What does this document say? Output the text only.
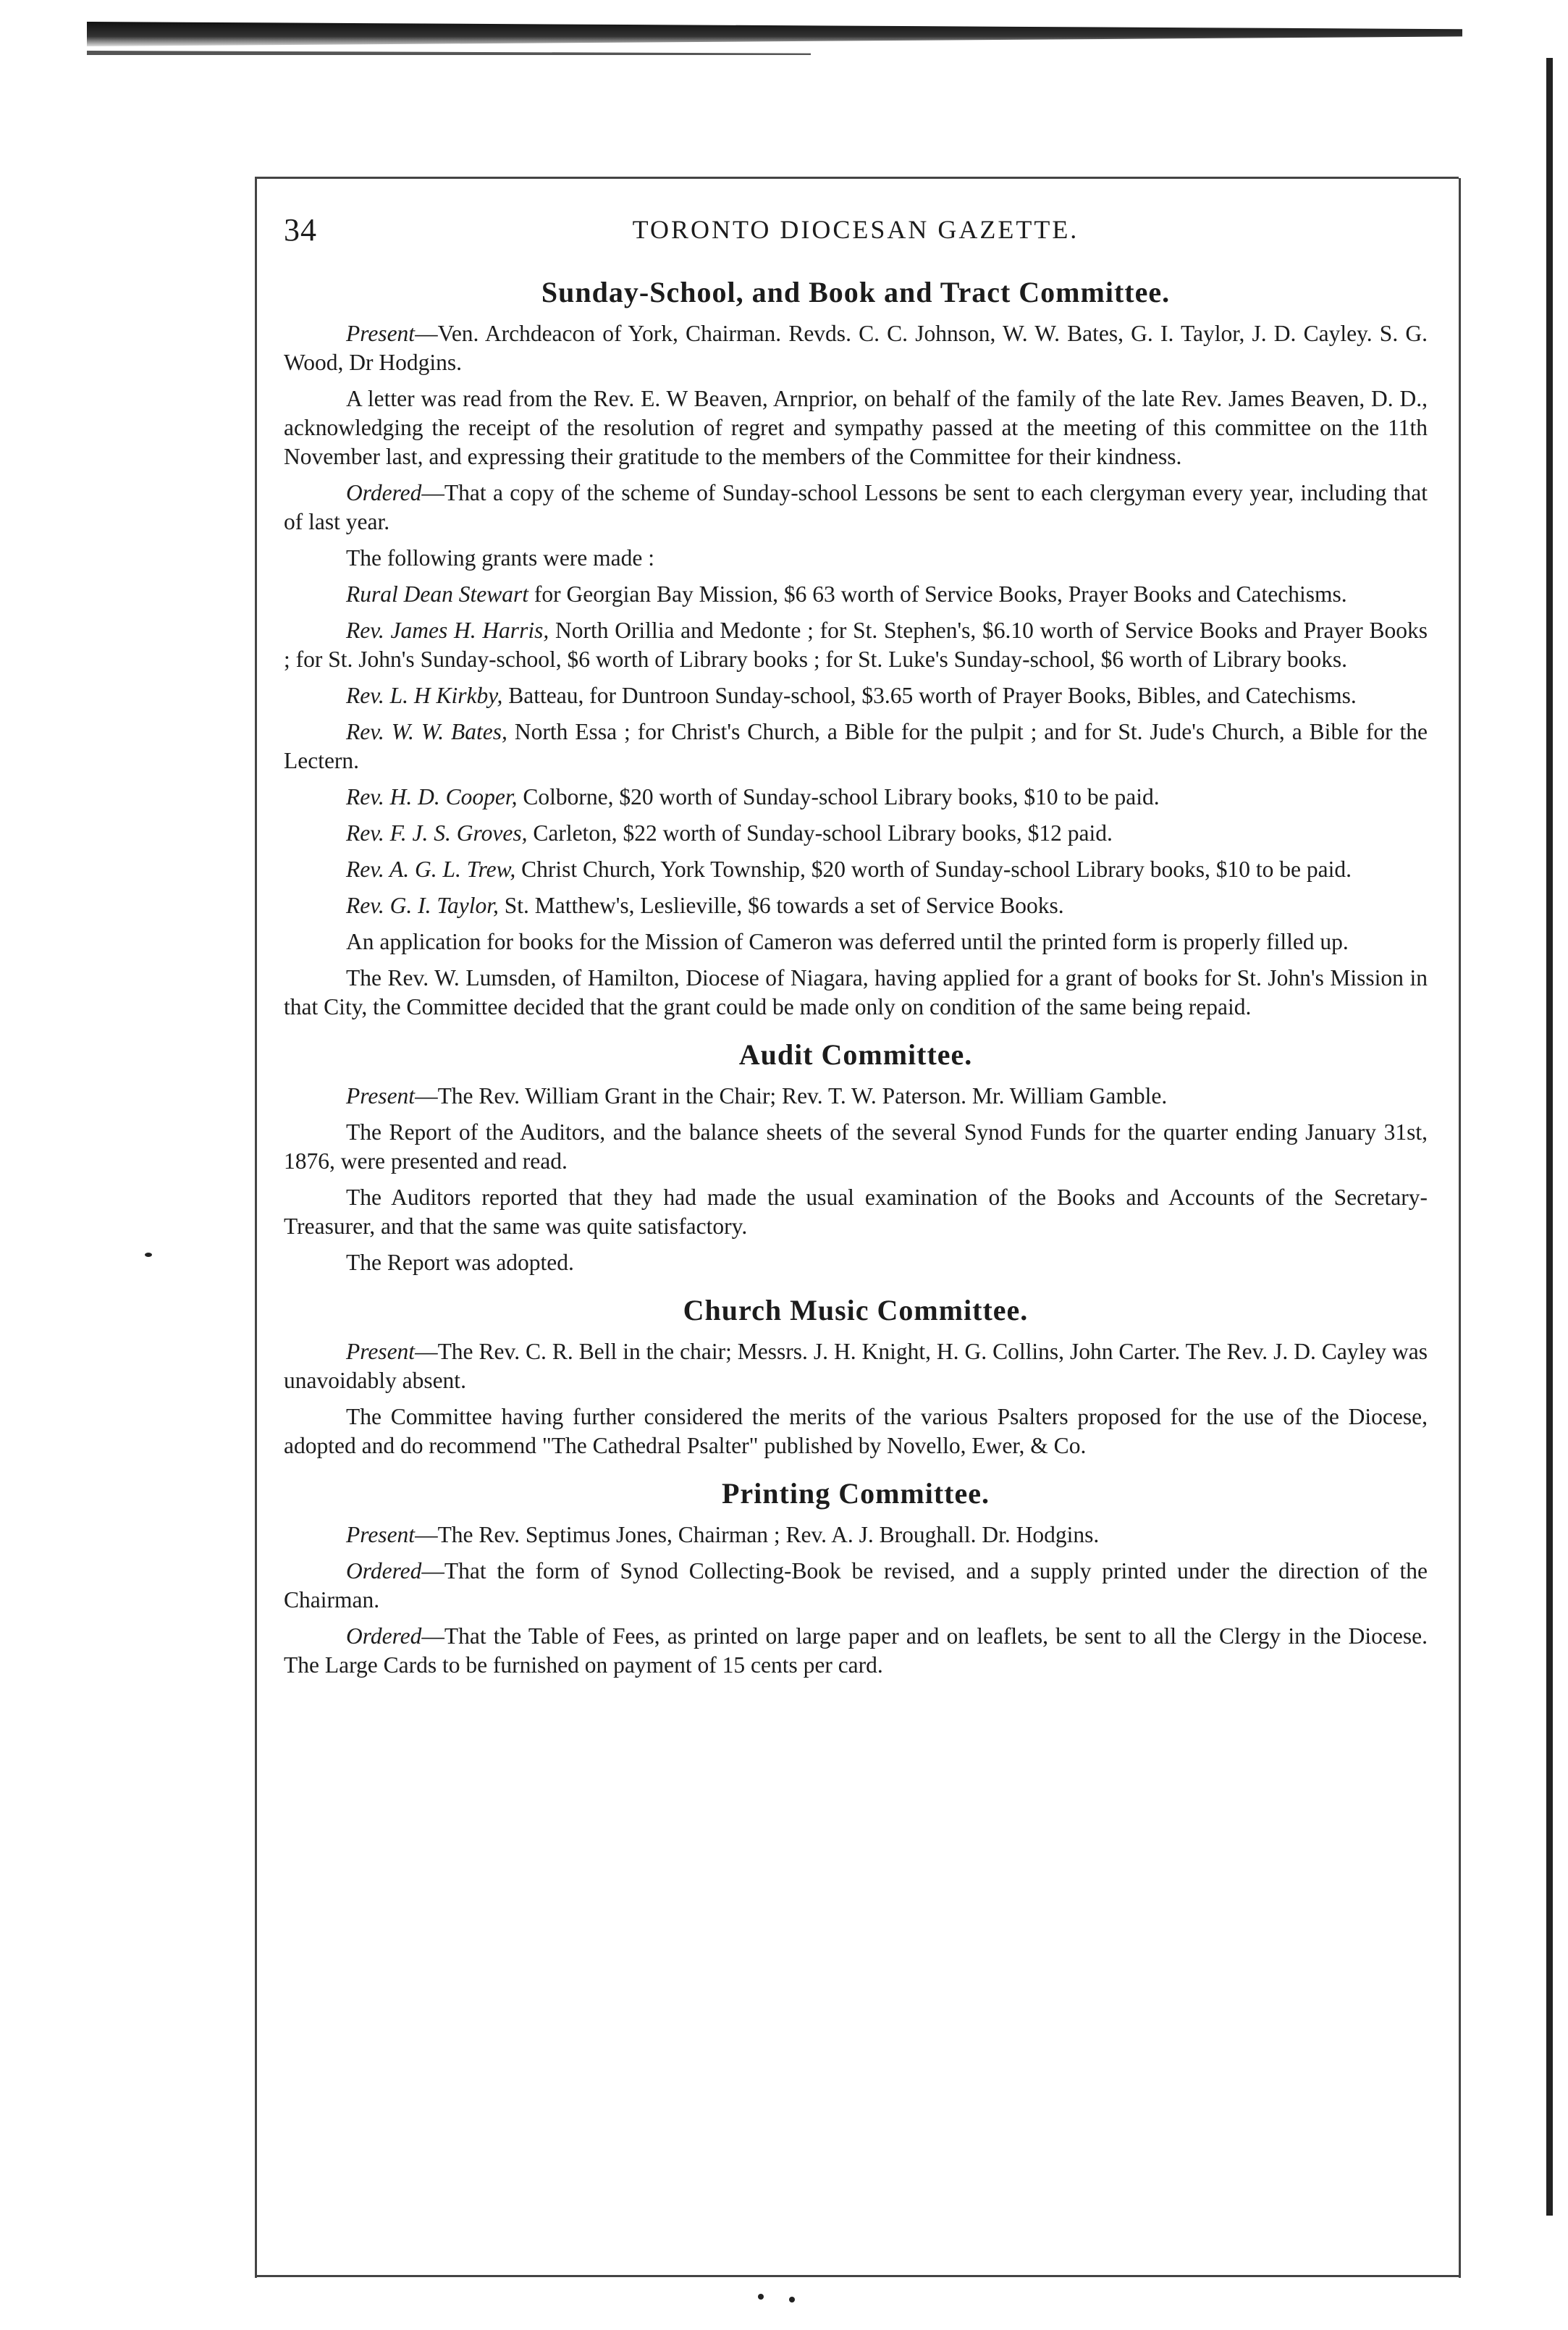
34	TORONTO DIOCESAN GAZETTE.
Sunday-School, and Book and Tract Committee.

Present—Ven. Archdeacon of York, Chairman. Revds. C. C. Johnson, W. W. Bates, G. I. Taylor, J. D. Cayley. S. G. Wood, Dr Hodgins.

A letter was read from the Rev. E. W Beaven, Arnprior, on behalf of the family of the late Rev. James Beaven, D. D., acknowledging the receipt of the resolution of regret and sympathy passed at the meeting of this committee on the 11th November last, and expressing their gratitude to the members of the Committee for their kindness.

Ordered—That a copy of the scheme of Sunday-school Lessons be sent to each clergyman every year, including that of last year.

The following grants were made :

Rural Dean Stewart for Georgian Bay Mission, $6 63 worth of Service Books, Prayer Books and Catechisms.

Rev. James H. Harris, North Orillia and Medonte ; for St. Stephen's, $6.10 worth of Service Books and Prayer Books ; for St. John's Sunday-school, $6 worth of Library books ; for St. Luke's Sunday-school, $6 worth of Library books.

Rev. L. H Kirkby, Batteau, for Duntroon Sunday-school, $3.65 worth of Prayer Books, Bibles, and Catechisms.

Rev. W. W. Bates, North Essa ; for Christ's Church, a Bible for the pulpit ; and for St. Jude's Church, a Bible for the Lectern.

Rev. H. D. Cooper, Colborne, $20 worth of Sunday-school Library books, $10 to be paid.

Rev. F. J. S. Groves, Carleton, $22 worth of Sunday-school Library books, $12 paid.

Rev. A. G. L. Trew, Christ Church, York Township, $20 worth of Sunday-school Library books, $10 to be paid.

Rev. G. I. Taylor, St. Matthew's, Leslieville, $6 towards a set of Service Books.

An application for books for the Mission of Cameron was deferred until the printed form is properly filled up.

The Rev. W. Lumsden, of Hamilton, Diocese of Niagara, having applied for a grant of books for St. John's Mission in that City, the Committee decided that the grant could be made only on condition of the same being repaid.

Audit Committee.

Present—The Rev. William Grant in the Chair; Rev. T. W. Paterson. Mr. William Gamble.

The Report of the Auditors, and the balance sheets of the several Synod Funds for the quarter ending January 31st, 1876, were presented and read.

The Auditors reported that they had made the usual examination of the Books and Accounts of the Secretary-Treasurer, and that the same was quite satisfactory.

The Report was adopted.

Church Music Committee.

Present—The Rev. C. R. Bell in the chair; Messrs. J. H. Knight, H. G. Collins, John Carter. The Rev. J. D. Cayley was unavoidably absent.

The Committee having further considered the merits of the various Psalters proposed for the use of the Diocese, adopted and do recommend "The Cathedral Psalter" published by Novello, Ewer, & Co.

Printing Committee.

Present—The Rev. Septimus Jones, Chairman ; Rev. A. J. Broughall. Dr. Hodgins.

Ordered—That the form of Synod Collecting-Book be revised, and a supply printed under the direction of the Chairman.

Ordered—That the Table of Fees, as printed on large paper and on leaflets, be sent to all the Clergy in the Diocese. The Large Cards to be furnished on payment of 15 cents per card.
